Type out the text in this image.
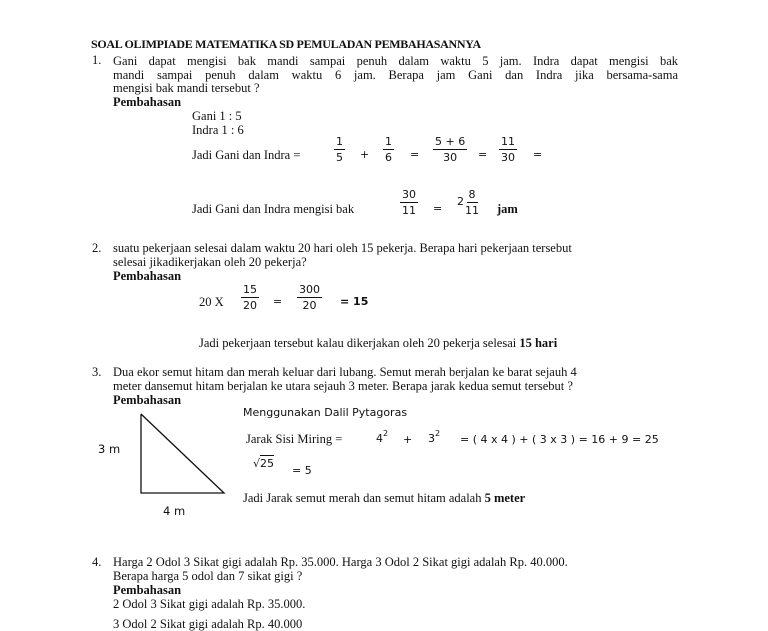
SOAL OLIMPIADE MATEMATIKA SD PEMULADAN PEMBAHASANNYA
1. Gani dapat mengisi bak mandi sampai penuh dalam waktu 5 jam. Indra dapat mengisi bak
mandi sampai penuh dalam waktu 6 jam. Berapa jam Gani dan Indra jika bersama-sama
mengisi bak mandi tersebut ?
Pembahasan
Gani 1 : 5
Indra 1 : 6
Jadi Gani dan Indra =	$\frac{1}{5} + \frac{1}{6} = \frac{5 + 6}{30} = \frac{11}{30}$ =
Jadi Gani dan Indra mengisi bak	$\frac{30}{11}$ =
$2 \frac{8}{11}$ jam
2. suatu pekerjaan selesai dalam waktu 20 hari oleh 15 pekerja. Berapa hari pekerjaan tersebut
selesai jikadikerjakan oleh 20 pekerja?
Pembahasan
20 X $\frac{15}{20} = \frac{300}{20} = 15$
Jadi pekerjaan tersebut kalau dikerjakan oleh 20 pekerja selesai 15 hari
3. Dua ekor semut hitam dan merah keluar dari lubang. Semut merah berjalan ke barat sejauh 4
meter dansemut hitam berjalan ke utara sejauh 3 meter. Berapa jarak kedua semut tersebut ?
Pembahasan
3 m
4 m
Menggunakan Dalil Pytagoras
Jarak Sisi Miring =	$4^2 + 3^2$ = ( 4 x 4 ) + ( 3 x 3 ) = 16 + 9 = 25
√25
= 5
Jadi Jarak semut merah dan semut hitam adalah 5 meter
4. Harga 2 Odol 3 Sikat gigi adalah Rp. 35.000. Harga 3 Odol 2 Sikat gigi adalah Rp. 40.000.
Berapa harga 5 odol dan 7 sikat gigi ?
Pembahasan
2 Odol 3 Sikat gigi adalah Rp. 35.000.
3 Odol 2 Sikat gigi adalah Rp. 40.000
